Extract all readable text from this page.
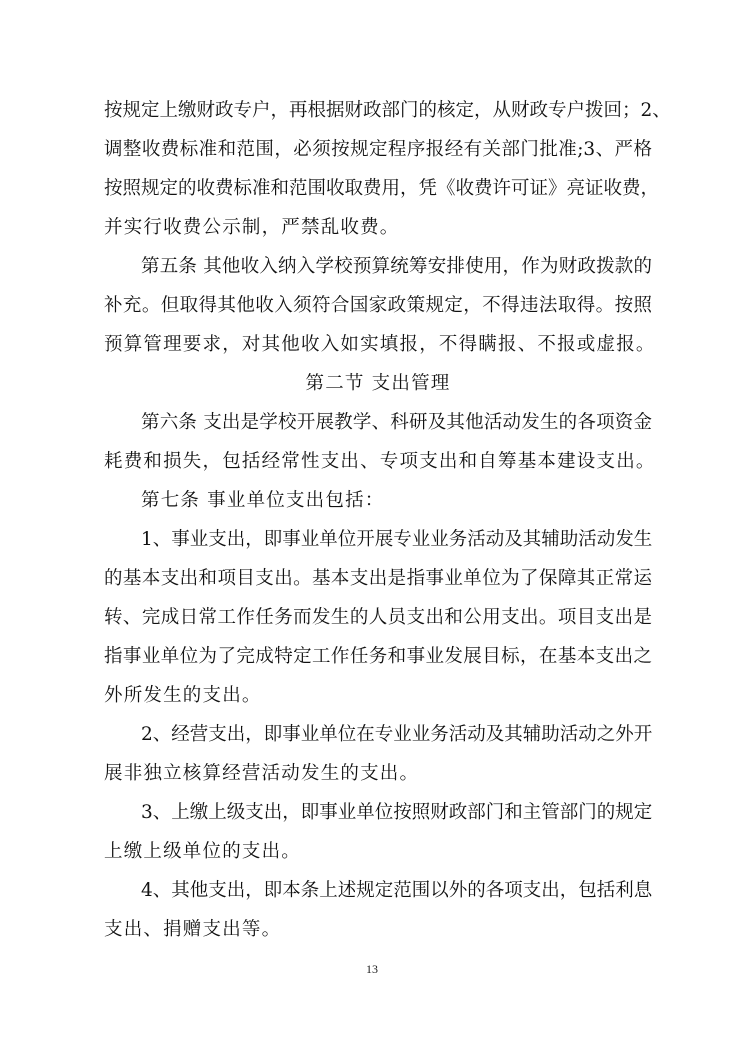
按规定上缴财政专户，再根据财政部门的核定，从财政专户拨回；2、
调整收费标准和范围，必须按规定程序报经有关部门批准;3、严格
按照规定的收费标准和范围收取费用，凭《收费许可证》亮证收费，
并实行收费公示制，严禁乱收费。
第五条 其他收入纳入学校预算统筹安排使用，作为财政拨款的
补充。但取得其他收入须符合国家政策规定，不得违法取得。按照
预算管理要求，对其他收入如实填报，不得瞒报、不报或虚报。
第二节 支出管理
第六条 支出是学校开展教学、科研及其他活动发生的各项资金
耗费和损失，包括经常性支出、专项支出和自筹基本建设支出。
第七条 事业单位支出包括：
1、事业支出，即事业单位开展专业业务活动及其辅助活动发生
的基本支出和项目支出。基本支出是指事业单位为了保障其正常运
转、完成日常工作任务而发生的人员支出和公用支出。项目支出是
指事业单位为了完成特定工作任务和事业发展目标，在基本支出之
外所发生的支出。
2、经营支出，即事业单位在专业业务活动及其辅助活动之外开
展非独立核算经营活动发生的支出。
3、上缴上级支出，即事业单位按照财政部门和主管部门的规定
上缴上级单位的支出。
4、其他支出，即本条上述规定范围以外的各项支出，包括利息
支出、捐赠支出等。
13
